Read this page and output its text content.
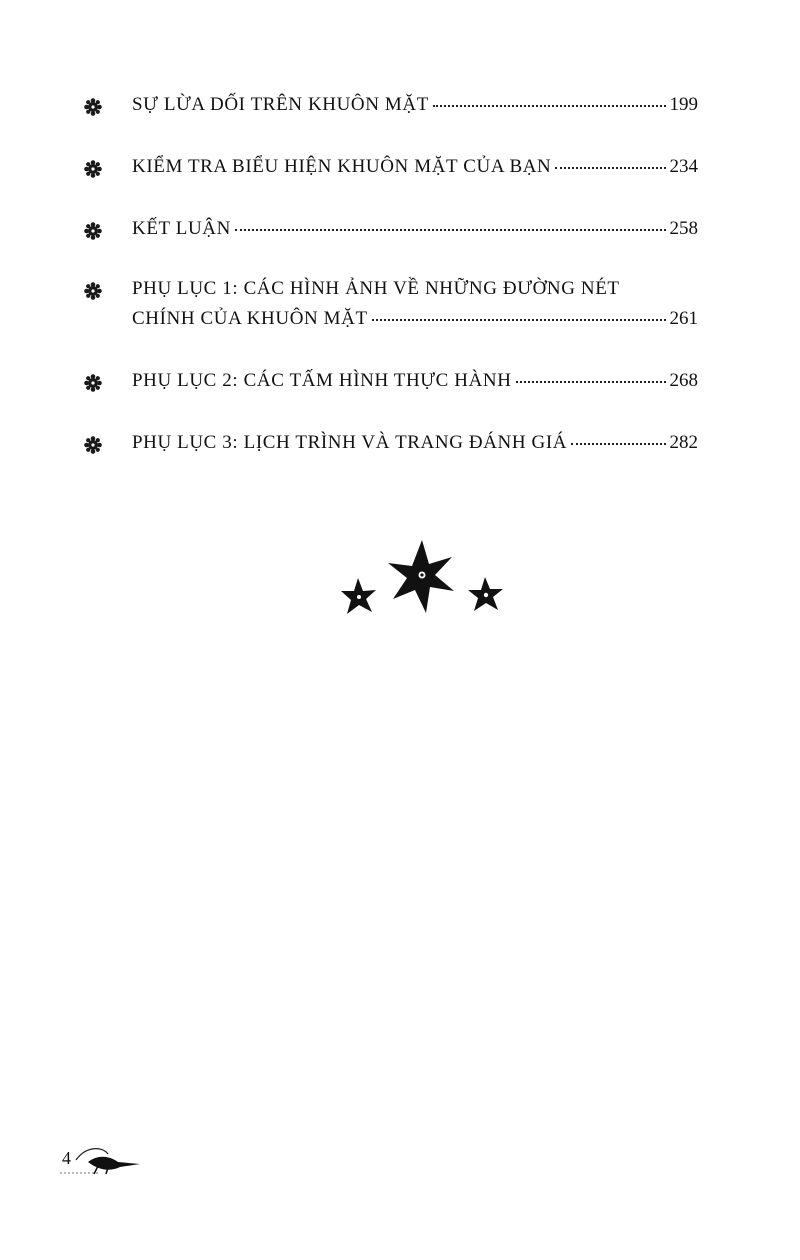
SỰ LỪA DỐI TRÊN KHUÔN MẶT	199
KIỂM TRA BIỂU HIỆN KHUÔN MẶT CỦA BẠN	234
KẾT LUẬN	258
PHỤ LỤC 1: CÁC HÌNH ẢNH VỀ NHỮNG ĐƯỜNG NÉT
CHÍNH CỦA KHUÔN MẶT	261
PHỤ LỤC 2: CÁC TẤM HÌNH THỰC HÀNH	268
PHỤ LỤC 3: LỊCH TRÌNH VÀ TRANG ĐÁNH GIÁ	282
4
